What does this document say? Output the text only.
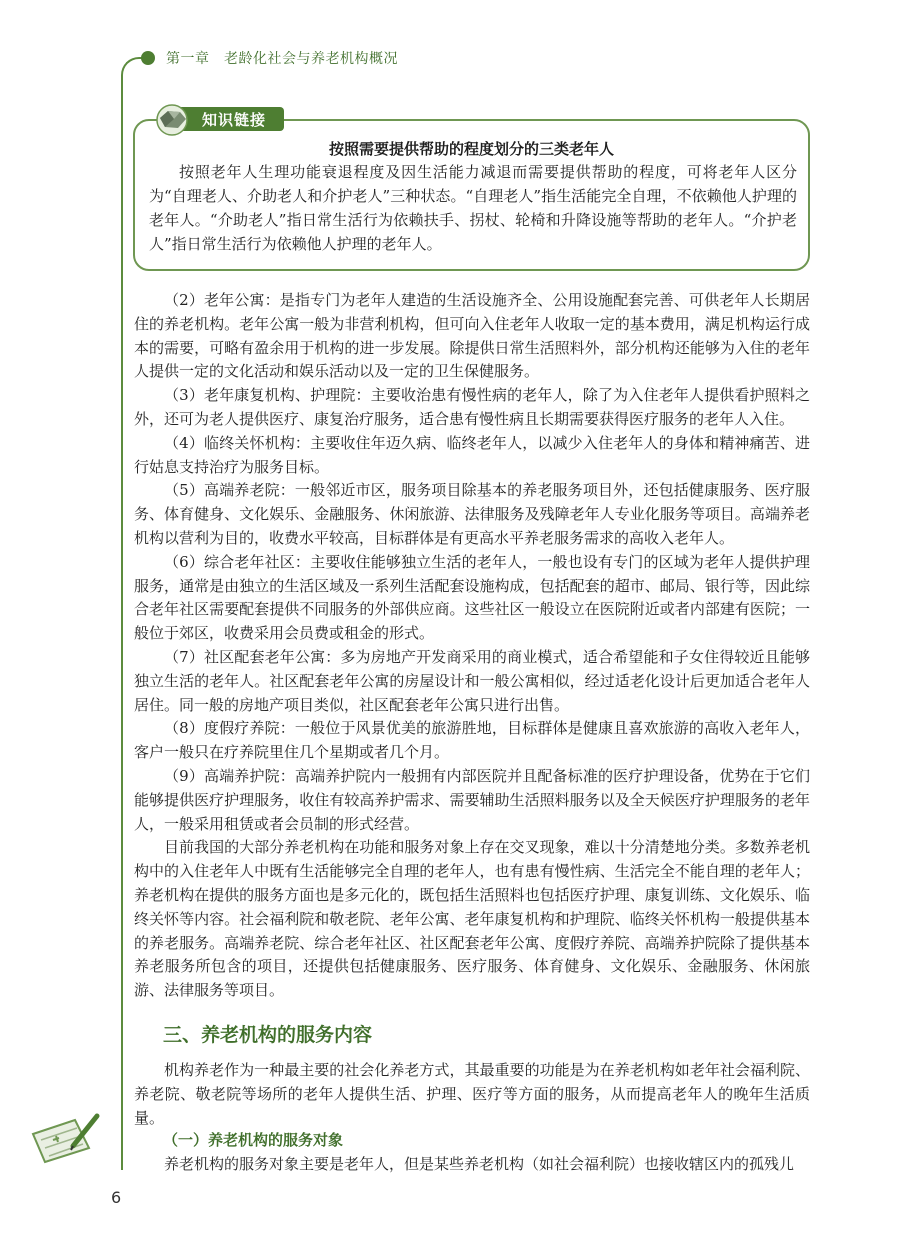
第一章　老龄化社会与养老机构概况
知识链接
按照需要提供帮助的程度划分的三类老年人

按照老年人生理功能衰退程度及因生活能力减退而需要提供帮助的程度，可将老年人区分为“自理老人、介助老人和介护老人”三种状态。“自理老人”指生活能完全自理，不依赖他人护理的老年人。“介助老人”指日常生活行为依赖扶手、拐杖、轮椅和升降设施等帮助的老年人。“介护老人”指日常生活行为依赖他人护理的老年人。

（2）老年公寓：是指专门为老年人建造的生活设施齐全、公用设施配套完善、可供老年人长期居住的养老机构。老年公寓一般为非营利机构，但可向入住老年人收取一定的基本费用，满足机构运行成本的需要，可略有盈余用于机构的进一步发展。除提供日常生活照料外，部分机构还能够为入住的老年人提供一定的文化活动和娱乐活动以及一定的卫生保健服务。

（3）老年康复机构、护理院：主要收治患有慢性病的老年人，除了为入住老年人提供看护照料之外，还可为老人提供医疗、康复治疗服务，适合患有慢性病且长期需要获得医疗服务的老年人入住。

（4）临终关怀机构：主要收住年迈久病、临终老年人，以减少入住老年人的身体和精神痛苦、进行姑息支持治疗为服务目标。

（5）高端养老院：一般邻近市区，服务项目除基本的养老服务项目外，还包括健康服务、医疗服务、体育健身、文化娱乐、金融服务、休闲旅游、法律服务及残障老年人专业化服务等项目。高端养老机构以营利为目的，收费水平较高，目标群体是有更高水平养老服务需求的高收入老年人。

（6）综合老年社区：主要收住能够独立生活的老年人，一般也设有专门的区域为老年人提供护理服务，通常是由独立的生活区域及一系列生活配套设施构成，包括配套的超市、邮局、银行等，因此综合老年社区需要配套提供不同服务的外部供应商。这些社区一般设立在医院附近或者内部建有医院；一般位于郊区，收费采用会员费或租金的形式。

（7）社区配套老年公寓：多为房地产开发商采用的商业模式，适合希望能和子女住得较近且能够独立生活的老年人。社区配套老年公寓的房屋设计和一般公寓相似，经过适老化设计后更加适合老年人居住。同一般的房地产项目类似，社区配套老年公寓只进行出售。

（8）度假疗养院：一般位于风景优美的旅游胜地，目标群体是健康且喜欢旅游的高收入老年人，客户一般只在疗养院里住几个星期或者几个月。

（9）高端养护院：高端养护院内一般拥有内部医院并且配备标准的医疗护理设备，优势在于它们能够提供医疗护理服务，收住有较高养护需求、需要辅助生活照料服务以及全天候医疗护理服务的老年人，一般采用租赁或者会员制的形式经营。

目前我国的大部分养老机构在功能和服务对象上存在交叉现象，难以十分清楚地分类。多数养老机构中的入住老年人中既有生活能够完全自理的老年人，也有患有慢性病、生活完全不能自理的老年人；养老机构在提供的服务方面也是多元化的，既包括生活照料也包括医疗护理、康复训练、文化娱乐、临终关怀等内容。社会福利院和敬老院、老年公寓、老年康复机构和护理院、临终关怀机构一般提供基本的养老服务。高端养老院、综合老年社区、社区配套老年公寓、度假疗养院、高端养护院除了提供基本养老服务所包含的项目，还提供包括健康服务、医疗服务、体育健身、文化娱乐、金融服务、休闲旅游、法律服务等项目。

三、养老机构的服务内容

机构养老作为一种最主要的社会化养老方式，其最重要的功能是为在养老机构如老年社会福利院、养老院、敬老院等场所的老年人提供生活、护理、医疗等方面的服务，从而提高老年人的晚年生活质量。

（一）养老机构的服务对象
养老机构的服务对象主要是老年人，但是某些养老机构（如社会福利院）也接收辖区内的孤残儿
6
